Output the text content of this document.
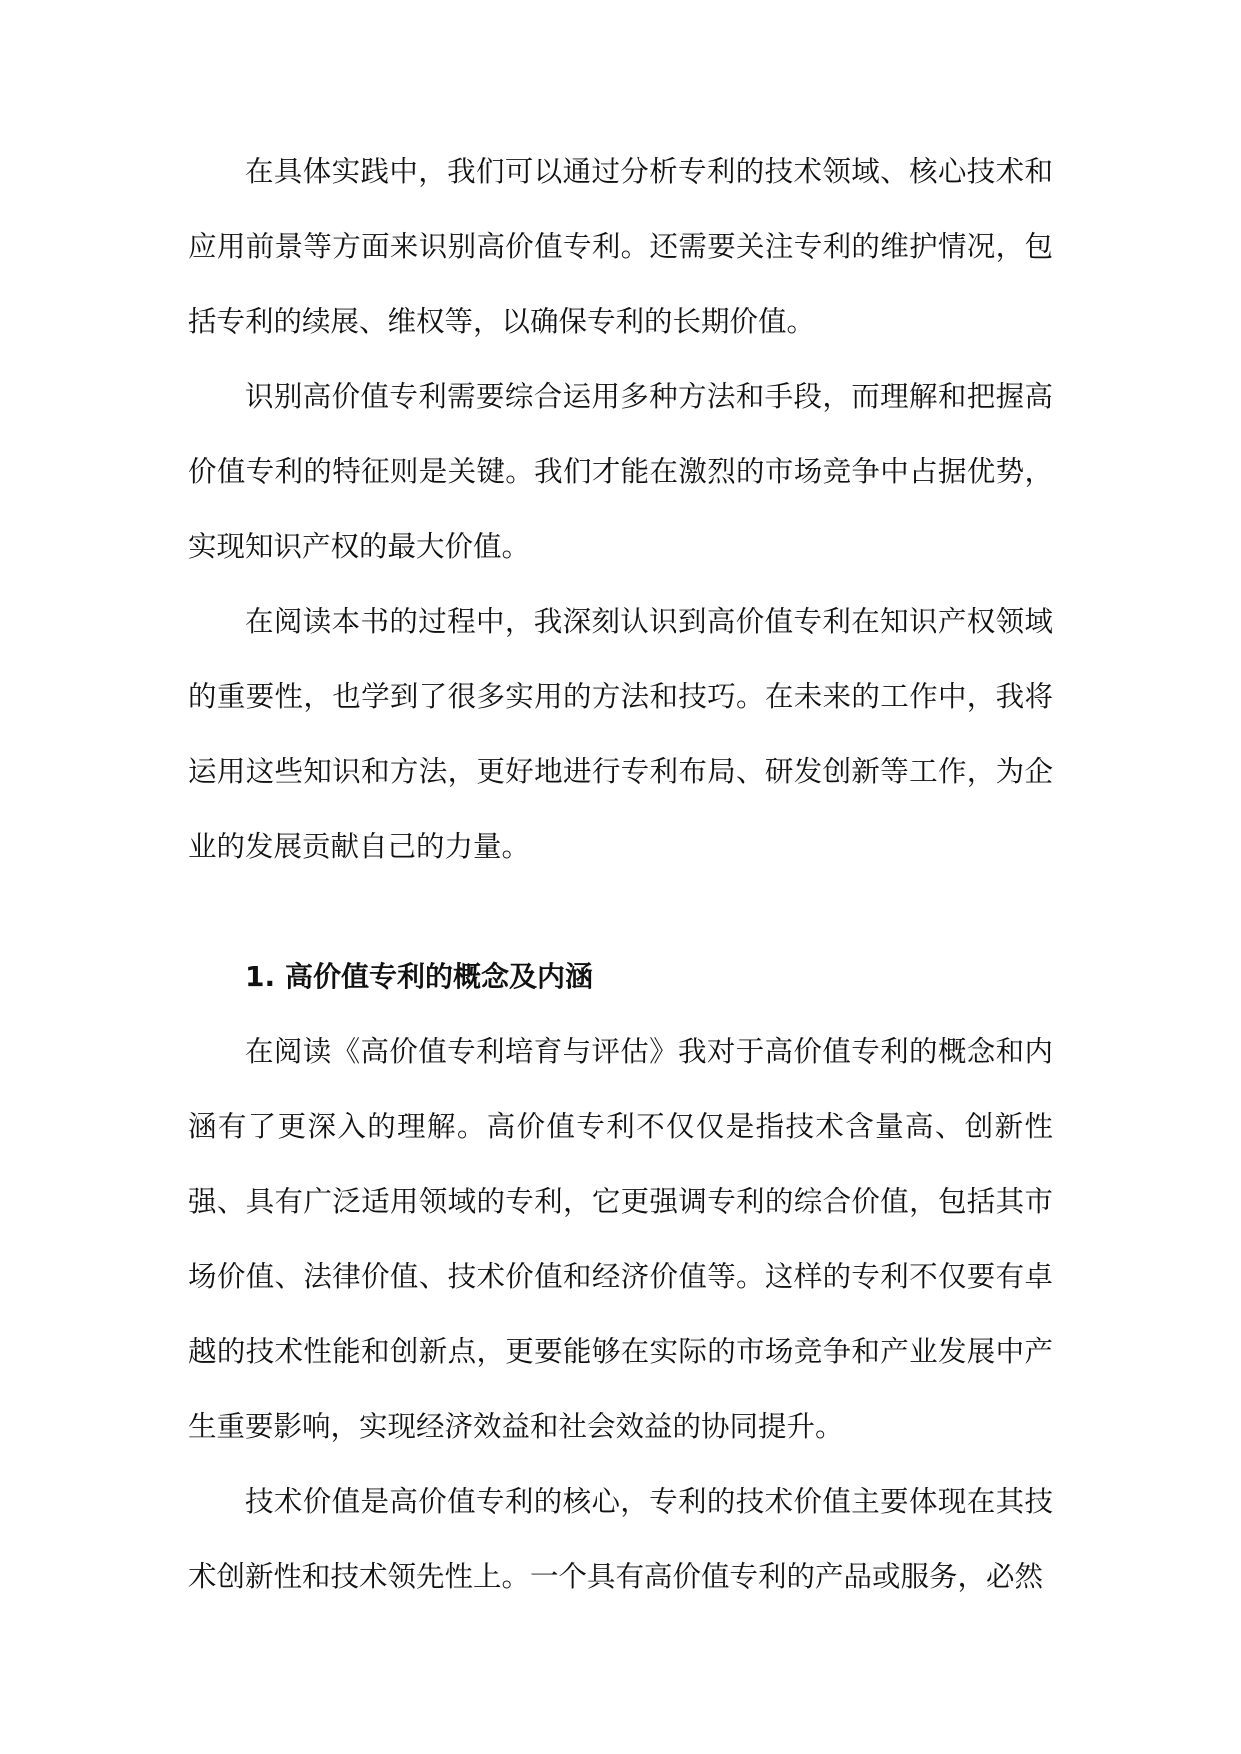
在具体实践中，我们可以通过分析专利的技术领域、核心技术和应用前景等方面来识别高价值专利。还需要关注专利的维护情况，包括专利的续展、维权等，以确保专利的长期价值。

识别高价值专利需要综合运用多种方法和手段，而理解和把握高价值专利的特征则是关键。我们才能在激烈的市场竞争中占据优势，实现知识产权的最大价值。

在阅读本书的过程中，我深刻认识到高价值专利在知识产权领域的重要性，也学到了很多实用的方法和技巧。在未来的工作中，我将运用这些知识和方法，更好地进行专利布局、研发创新等工作，为企业的发展贡献自己的力量。

1. 高价值专利的概念及内涵

在阅读《高价值专利培育与评估》我对于高价值专利的概念和内涵有了更深入的理解。高价值专利不仅仅是指技术含量高、创新性强、具有广泛适用领域的专利，它更强调专利的综合价值，包括其市场价值、法律价值、技术价值和经济价值等。这样的专利不仅要有卓越的技术性能和创新点，更要能够在实际的市场竞争和产业发展中产生重要影响，实现经济效益和社会效益的协同提升。

技术价值是高价值专利的核心，专利的技术价值主要体现在其技术创新性和技术领先性上。一个具有高价值专利的产品或服务，必然
